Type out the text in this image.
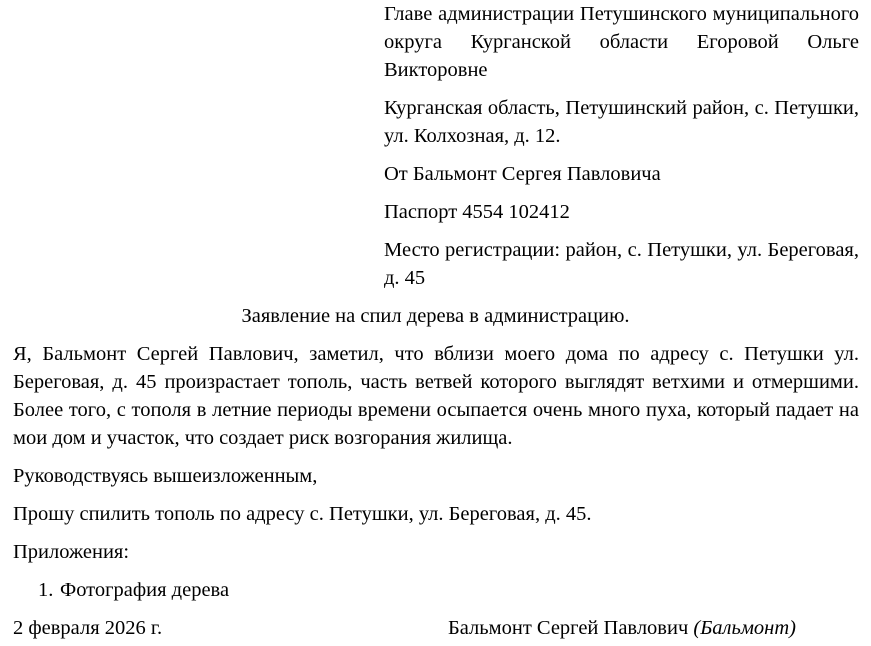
Главе администрации Петушинского муниципального округа Курганской области Егоровой Ольге Викторовне

Курганская область, Петушинский район, с. Петушки, ул. Колхозная, д. 12.

От Бальмонт Сергея Павловича

Паспорт 4554 102412

Место регистрации: район, с. Петушки, ул. Береговая, д. 45

Заявление на спил дерева в администрацию.

Я, Бальмонт Сергей Павлович, заметил, что вблизи моего дома по адресу с. Петушки ул. Береговая, д. 45 произрастает тополь, часть ветвей которого выглядят ветхими и отмершими. Более того, с тополя в летние периоды времени осыпается очень много пуха, который падает на мои дом и участок, что создает риск возгорания жилища.

Руководствуясь вышеизложенным,

Прошу спилить тополь по адресу с. Петушки, ул. Береговая, д. 45.

Приложения:

1. Фотография дерева
2 февраля 2026 г.	Бальмонт Сергей Павлович (Бальмонт)
